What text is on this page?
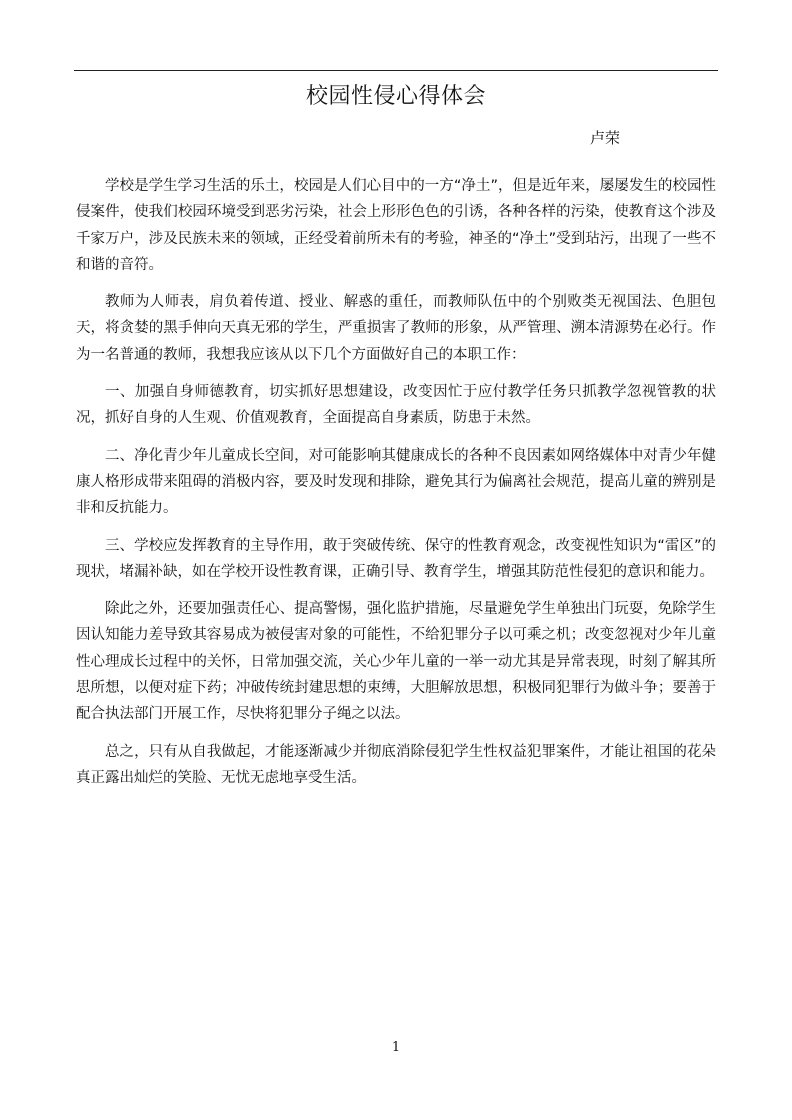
校园性侵心得体会
卢荣

学校是学生学习生活的乐土，校园是人们心目中的一方“净土”，但是近年来，屡屡发生的校园性侵案件，使我们校园环境受到恶劣污染，社会上形形色色的引诱，各种各样的污染，使教育这个涉及千家万户，涉及民族未来的领域，正经受着前所未有的考验，神圣的“净土”受到玷污，出现了一些不和谐的音符。

教师为人师表，肩负着传道、授业、解惑的重任，而教师队伍中的个别败类无视国法、色胆包天，将贪婪的黑手伸向天真无邪的学生，严重损害了教师的形象，从严管理、溯本清源势在必行。作为一名普通的教师，我想我应该从以下几个方面做好自己的本职工作：

一、加强自身师德教育，切实抓好思想建设，改变因忙于应付教学任务只抓教学忽视管教的状况，抓好自身的人生观、价值观教育，全面提高自身素质，防患于未然。

二、净化青少年儿童成长空间，对可能影响其健康成长的各种不良因素如网络媒体中对青少年健康人格形成带来阻碍的消极内容，要及时发现和排除，避免其行为偏离社会规范，提高儿童的辨别是非和反抗能力。

三、学校应发挥教育的主导作用，敢于突破传统、保守的性教育观念，改变视性知识为“雷区”的现状，堵漏补缺，如在学校开设性教育课，正确引导、教育学生，增强其防范性侵犯的意识和能力。

除此之外，还要加强责任心、提高警惕，强化监护措施，尽量避免学生单独出门玩耍，免除学生因认知能力差导致其容易成为被侵害对象的可能性，不给犯罪分子以可乘之机；改变忽视对少年儿童性心理成长过程中的关怀，日常加强交流，关心少年儿童的一举一动尤其是异常表现，时刻了解其所思所想，以便对症下药；冲破传统封建思想的束缚，大胆解放思想，积极同犯罪行为做斗争；要善于配合执法部门开展工作，尽快将犯罪分子绳之以法。

总之，只有从自我做起，才能逐渐减少并彻底消除侵犯学生性权益犯罪案件，才能让祖国的花朵真正露出灿烂的笑脸、无忧无虑地享受生活。

1
